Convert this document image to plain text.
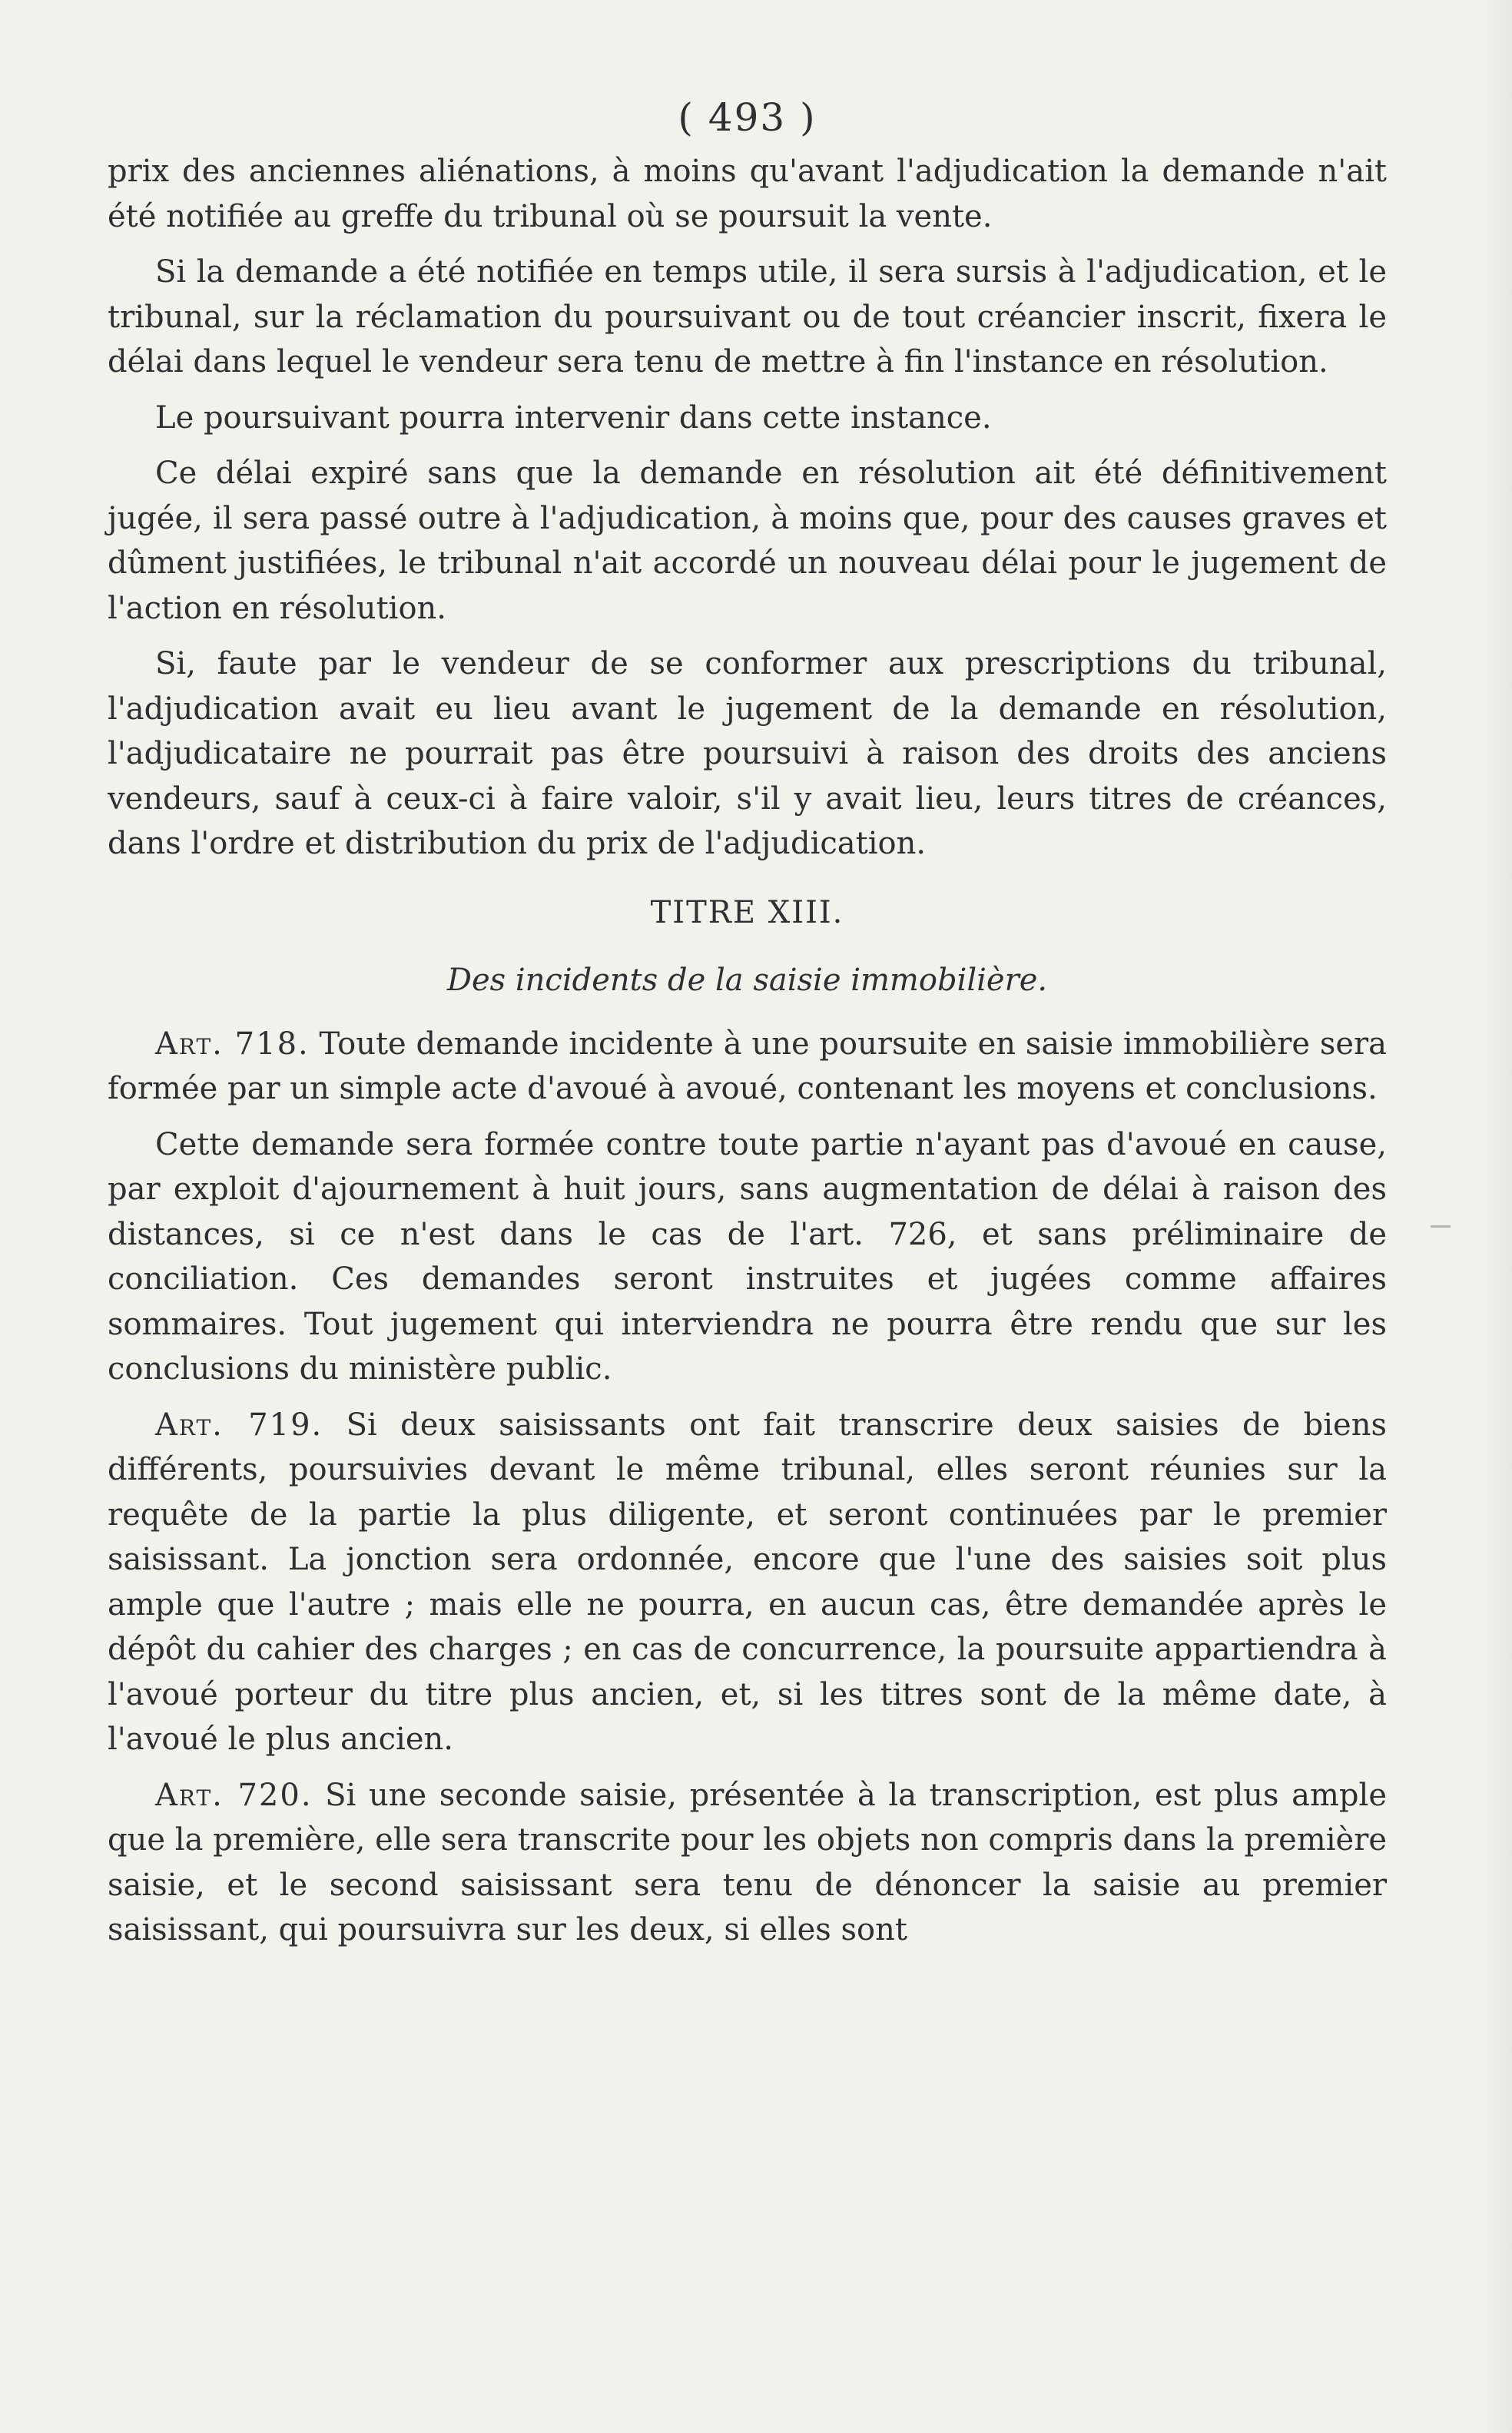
( 493 )

prix des anciennes aliénations, à moins qu'avant l'adjudication la demande n'ait été notifiée au greffe du tribunal où se poursuit la vente.

Si la demande a été notifiée en temps utile, il sera sursis à l'adjudication, et le tribunal, sur la réclamation du poursuivant ou de tout créancier inscrit, fixera le délai dans lequel le vendeur sera tenu de mettre à fin l'instance en résolution.

Le poursuivant pourra intervenir dans cette instance.

Ce délai expiré sans que la demande en résolution ait été définitivement jugée, il sera passé outre à l'adjudication, à moins que, pour des causes graves et dûment justifiées, le tribunal n'ait accordé un nouveau délai pour le jugement de l'action en résolution.

Si, faute par le vendeur de se conformer aux prescriptions du tribunal, l'adjudication avait eu lieu avant le jugement de la demande en résolution, l'adjudicataire ne pourrait pas être poursuivi à raison des droits des anciens vendeurs, sauf à ceux-ci à faire valoir, s'il y avait lieu, leurs titres de créances, dans l'ordre et distribution du prix de l'adjudication.

TITRE XIII.
Des incidents de la saisie immobilière.

Art. 718. Toute demande incidente à une poursuite en saisie immobilière sera formée par un simple acte d'avoué à avoué, contenant les moyens et conclusions.

Cette demande sera formée contre toute partie n'ayant pas d'avoué en cause, par exploit d'ajournement à huit jours, sans augmentation de délai à raison des distances, si ce n'est dans le cas de l'art. 726, et sans préliminaire de conciliation. Ces demandes seront instruites et jugées comme affaires sommaires. Tout jugement qui interviendra ne pourra être rendu que sur les conclusions du ministère public.

Art. 719. Si deux saisissants ont fait transcrire deux saisies de biens différents, poursuivies devant le même tribunal, elles seront réunies sur la requête de la partie la plus diligente, et seront continuées par le premier saisissant. La jonction sera ordonnée, encore que l'une des saisies soit plus ample que l'autre ; mais elle ne pourra, en aucun cas, être demandée après le dépôt du cahier des charges ; en cas de concurrence, la poursuite appartiendra à l'avoué porteur du titre plus ancien, et, si les titres sont de la même date, à l'avoué le plus ancien.

Art. 720. Si une seconde saisie, présentée à la transcription, est plus ample que la première, elle sera transcrite pour les objets non compris dans la première saisie, et le second saisissant sera tenu de dénoncer la saisie au premier saisissant, qui poursuivra sur les deux, si elles sont
